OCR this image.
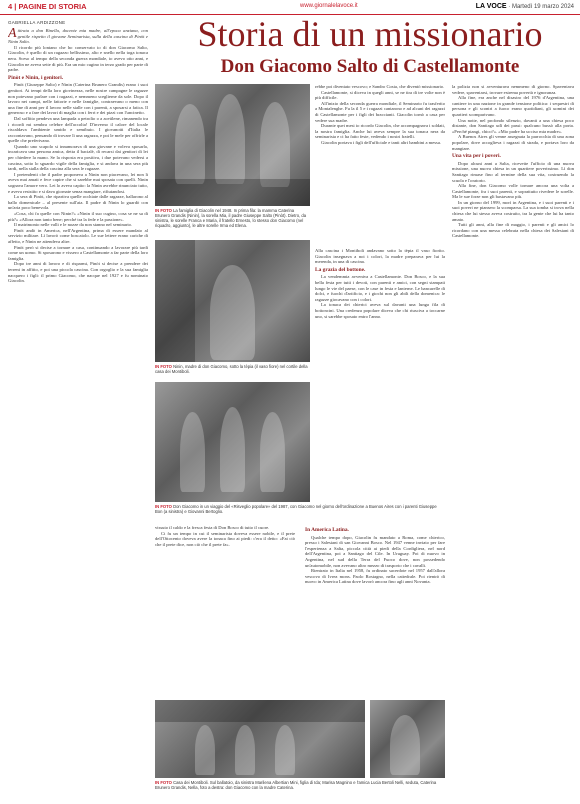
4 | PAGINE DI STORIA	www.giornalelavoce.it	LA VOCE · Martedì 19 marzo 2024
GABRIELLA ARDIZZONE	Storia di un missionario
Don Giacomo Salto di Castellamonte

Attirata a don Binella, docente mia madre, all'epoca anziana, con gentile rispetto il giovane Seminarista, sulla della cascina di Pinòt e Ninin Salto.

Il ricordo più lontano che ho conservato io di don Giacomo Salto, Giacolin, è quello di un ragazzo bellissimo, alto e snello nella toga tonaca nera. Sceso al tempo della seconda guerra mondiale, io avevo otto anni, e Giacolin ne aveva sette di più. Era un mio cugino in terzo grado per parte di padre.

Pinòt e Ninin, i genitori.

Pinòt (Giuseppe Salto) e Ninin (Caterina Brunero Grandis) erano i suoi genitori. Ai tempi della loro giovinezza, nelle nostre campagne le ragazze non potevano parlare con i ragazzi, e nemmeno sceglierne da sole. Dopo il lavoro nei campi, nelle fattorie e nelle famiglie, contraevano o meno con una fine di anni per il lavoro nelle stalle con i parenti, a sposarsi a fatica. Il generoso e a fare dei lavori di maglia con i ferri e dei pizzi con l'uncinetto.

Dal soffitto pendeva una lampada a petrolio o a acetilene, rimanendo tra i ricordi mi sembra celebre dell'accolta! D'inverno il calore del locale riscaldava l'ambiente umido e semibuio. I giovanotti d'Italia le raccontavano, pensando di trovare lì una ragazza, e poi le mele per offrirle a quelle che preferivano.

Quando uno scapolo si innamorava di una giovane e voleva sposarla, incaricava una persona amica, detta il bacialè, di recarsi dai genitori di lei per chiedere la mano. Se la risposta era positiva, i due potevano vedersi a cascina, sotto lo sguardo vigile della famiglia, e si andava in una sera più tardi, nella stalla della cascina alla sera le ragazze.

I pretendenti che il padre proponeva a Ninin non piacevano, lei non li aveva mai amati e fece capire che si sarebbe mai sposata con quelli. Ninin sognava l'amore vero. Lei lo aveva capito: la Ninin avrebbe rinunciato tutto, e aveva resistito e si dava giornate senza mangiare, rifiutandosi.

La sera di Pinòt, che ripartiva quelle occhiate dalle ragazze, ballarono al ballo domenicale – al presente sull'aia. Il padre di Ninin lo guardò con un'aria poco benevola.

«Cosa, chi fa quelle con Ninin?» «Ninin il suo cugino, cosa se ne sa di più?» «Allora non tanto bene; perché tra la fede e la passione».

Il matrimonio nelle valli e le nozze da non stanno nel seminario.

Pinòt andò in America, nell'Argentina, prima di essere mandato al servizio militare. Lì lavorò come boscaiolo. Le sue lettere erano cariche di affetto, e Ninin ne attendeva altre.

Pinòt però si decise a tornare a casa, continuando a lavorare più tardi come un uomo. Si sposarono e vissero a Castellamonte a far parte della loro famiglia.

Dopo tre anni di lavoro e di risparmi, Pinòt si decise a prendere dei terreni in affitto, e poi una piccola cascina. Con orgoglio e la sua famiglia nacquero i figli: il primo Giacomo, che nacque nel 1927 e fu nominato Giacolin.

IN FOTO La famiglia di Giacolin nel 1948. In prima fila: la mamma Caterina Brunero Grandis (Ninin), la sorella Mia, il padre Giuseppe Salto (Pinòt). Dietro, da sinistra, le sorelle Franca e Maria, il fratello Ernesto, lo stesso don Giacomo (nel riquadro, aggiunto), le altre sorelle Irma ed Elena.
IN FOTO Ninin, madre di don Giacomo, sotto la tèpia (il vaso fiore) nel cortile della casa dei Montiboli.

rebbe poi diventato vescovo; e Sandro Costa, che diventò missionario.

Castellamonte, si diceva in quegli anni, se ne tira di tre volte non è più difficile.

All'inizio della seconda guerra mondiale, il Seminario fu trasferito a Montalenghe. Fu la il 5 e i ragazzi cantarono e ad alcuni dei ragazzi di Castellamonte per i figli dei braccianti. Giacolin tornò a casa per vedere sua madre.

Durante quei mesi io ricordo Giacolin, che accompagnava i soldati, la nostra famiglia. Anche lui aveva sempre la sua tonaca nera da seminarista e ci ha fatto feste, vedendo i nostri fratelli.

Giacolin portava i figli dell'ufficiale e tanti altri bambini a messa.

Alla cascina i Montiboli andavano sotto la tèpia il vaso fiorito. Giacolin insegnava a noi i colori, la madre preparava per lui la merenda, in una di cascina.

La grazia del bottone.

La vendemmia avveniva a Castellamonte. Don Bosco, e la sua bella festa per tutti i devoti, con parenti e amici, con segni stampati lungo le vie del paese, con le case in festa e lanterne. Le bancarelle di dolci, e fuochi d'artificio, e i giochi non gli abili della domenica: le ragazze giocavano con i colori.

La tonaca dei chierici aveva sul davanti una lunga fila di bottoncini. Una credenza popolare diceva che chi riusciva a toccarne uno, si sarebbe sposato entro l'anno.

IN FOTO Don Giacomo in un viaggio del «Risveglio popolare» del 1987, con Giacomo nel giorno dell'ordinazione a Buenos Aires con i parenti Giuseppe Bon (a sinistra) e Giovanni Bertoglio.

vissuto il caldo e la fresca festa di Don Bosco di tutto il cuore.

Ci fu un tempo in cui il seminarista doveva essere nobile, e il prete dell'Ottocento doveva avere la tonaca fino ai piedi: c'era il detto: «Fai ciò che il prete dice, non ciò che il prete fa».

In America Latina.

Qualche tempo dopo, Giacolin fu mandato a Roma, come chierico, presso i Salesiani di san Giovanni Bosco. Nel 1947 venne inviato per fare l'esperienza a Salta, piccola città ai piedi della Cordigliera, nel nord dell'Argentina, poi a Santiago del Cile. In Uruguay. Poi di nuovo in Argentina, nel sud della Terra del Fuoco dove, non possedendo un'automobile, non avevano altro mezzo di trasporto che i cavalli.

Rientrato in Italia nel 1958, fu ordinato sacerdote nel 1957 dall'allora vescovo di Ivrea mons. Paolo Rostagno, nella cattedrale. Poi rientrò di nuovo in America Latina dove lavorò ancora fino agli anni Novanta.

IN FOTO Casa dei Montiboli. Sul ballatoio, da sinistra Marilena Albertian Mini, figlia di Ida; Marisa Magnino e l'amica Lucia Bertoli Nelli, seduta, Caterina Brunero Grandis, Nella, foto a destra: don Giacomo con la madre Caterina.

la polizia non si avventurava nemmeno di giorno. Spaventava vedere, spaventarsi, trovare estrema povertà e ignoranza.

Alla fine, era anche nel disastro del 1976 d'Argentina, una cantiere in una nazione in grande tensione politica: i sequestri di persona e gli scontri a fuoco erano quotidiani, gli uomini dei quartieri scomparivano.

Una notte, nel profondo silenzio, davanti a una chiesa poco distante, don Santiago udì dei passi: qualcuno bussò alla porta. «Perché piangi, chico?». «Mio padre ha ucciso mia madre».

A Buenos Aires gli venne assegnata la parrocchia di una zona popolare, dove accoglieva i ragazzi di strada, e portava loro da mangiare.

Una vita per i poveri.

Dopo alcuni anni a Salta, ricevette l'ufficio di una nuova missione, una nuova chiesa in un quartiere poverissimo. Lì don Santiago rimase fino al termine della sua vita, costruendo la scuola e l'oratorio.

Alla fine, don Giacomo volle tornare ancora una volta a Castellamonte, fra i suoi parenti, e soprattutto rivedere le sorelle. Ma le sue forze non gli bastavano più.

In un giorno del 1999, morì in Argentina, e i suoi parenti e i suoi poveri ne piansero la scomparsa. La sua tomba si trova nella chiesa che lui stesso aveva costruito, tra la gente che lui ha tanto amato.

Tutti gli anni, alla fine di maggio, i parenti e gli amici lo ricordano con una messa celebrata nella chiesa dei Salesiani di Castellamonte.
